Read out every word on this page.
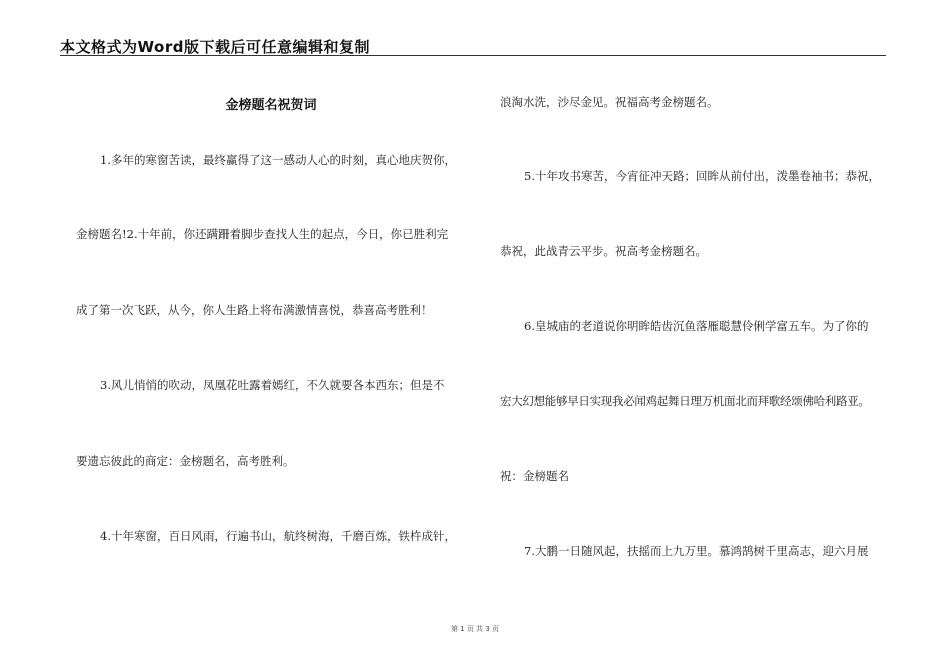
本文格式为Word版下载后可任意编辑和复制
金榜题名祝贺词
1.多年的寒窗苦读，最终赢得了这一感动人心的时刻，真心地庆贺你，
金榜题名!2.十年前，你还蹒跚着脚步查找人生的起点，今日，你已胜利完
成了第一次飞跃，从今，你人生路上将布满激情喜悦，恭喜高考胜利！
3.风儿悄悄的吹动，凤凰花吐露着嫣红，不久就要各本西东；但是不
要遗忘彼此的商定：金榜题名，高考胜利。
4.十年寒窗，百日风雨，行遍书山，航终树海，千磨百炼，铁杵成针，
浪淘水洗，沙尽金见。祝福高考金榜题名。
5.十年攻书寒苦，今宵征冲天路；回眸从前付出，泼墨卷袖书；恭祝，
恭祝，此战青云平步。祝高考金榜题名。
6.皇城庙的老道说你明眸皓齿沉鱼落雁聪慧伶俐学富五车。为了你的
宏大幻想能够早日实现我必闻鸡起舞日理万机面北而拜歌经颂佛哈利路亚。
祝：金榜题名
7.大鹏一日随风起，扶摇而上九万里。慕鸿鹄树千里高志，迎六月展
第 1 页 共 3 页
